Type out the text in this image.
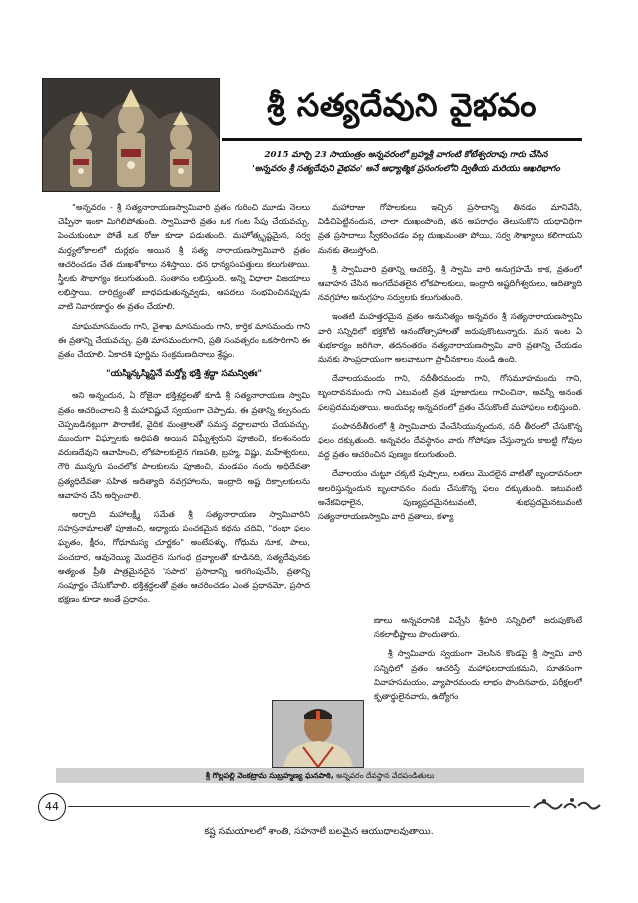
శ్రీ సత్యదేవుని వైభవం
2015 మార్చి 23 సాయంత్రం అన్నవరంలో బ్రహ్మశ్రీ వాగంటి కోటేశ్వరరావు గారు చేసిన
'అన్నవరం శ్రీ సత్యదేవుని వైభవం' అనే ఆధ్యాత్మిక ప్రసంగంలోని ద్వితీయ మరియు ఆఖరిభాగం

"అన్నవరం - శ్రీ సత్యనారాయణస్వామివారి వ్రతం గురించి మూడు నెలలు చెప్పినా ఇంకా మిగిలిపోతుంది. స్వామివారి వ్రతం ఒక గంట సేపు చేయవచ్చు. పెంచుకుంటూ పోతే ఒక రోజు కూడా పడుతుంది. మహోత్కృష్టమైన, సర్వ మర్త్యలోకాలలో దుర్లభం అయిన శ్రీ సత్య నారాయణస్వామివారి వ్రతం ఆచరించడం చేత దుఃఖశోకాలు నశిస్తాయి. ధన ధాన్యసంపత్తులు కలుగుతాయి. స్త్రీలకు సౌభాగ్యం కలుగుతుంది. సంతానం లభిస్తుంది. అన్ని విధాలా విజయాలు లభిస్తాయి. దారిద్ర్యంతో బాధపడుతున్నవ్వడు, ఆపదలు సంభవించినప్పుడు వాటి నివారణార్థం ఈ వ్రతం చేయాలి.

మాఘమాసమందు గాని, వైశాఖ మాసమందు గాని, కార్తిక మాసమందు గాని ఈ వ్రతాన్ని చేయవచ్చు. ప్రతి మాసమందుగాని, ప్రతి సంవత్సరం ఒకసారిగాని ఈ వ్రతం చేయాలి. ఏకాదశి పూర్ణిమ సంక్రమణదినాలు శ్రేష్ఠం.

"యస్మిన్కస్మిన్దినే మర్త్యో భక్తి శ్రద్ధా సమన్వితః"

అని అన్నందున, ఏ రోజైనా భక్తిశ్రద్ధలతో కూడి శ్రీ సత్యనారాయణ స్వామి వ్రతం ఆచరించాలని శ్రీ మహావిష్ణువే స్వయంగా చెప్పాడు. ఈ వ్రతాన్ని కల్పనందు చెప్పబడినట్లుగా పౌరాణిక, వైదిక మంత్రాలతో సమస్త వర్ణాలవారు చేయవచ్చు. ముందుగా విఘ్నాలకు అధిపతి అయిన విఘ్నేశ్వరుని పూజించి, కలశంనందు వరుణదేవుని ఆవాహించి, లోకపాలకులైన గణపతి, బ్రహ్మ, విష్ణు, మహేశ్వరులు, గౌరి మున్నగు పంచలోక పాలకులను పూజించి, మండపం నందు అధిదేవతా ప్రత్యధిదేవతా సహిత అదిత్యాది నవగ్రహాలను, ఇంద్రాది అష్ట దిక్పాలకులను ఆవాహన చేసి అర్చించాలి.

అర్చాది మహాలక్ష్మీ సమేత శ్రీ సత్యనారాయణ స్వామివారిని సహస్రనామాలతో పూజించి, అధ్యాయ పంచకమైన కథను చదివి, "రంభా ఫలం ఘృతం, క్షీరం, గోధూమస్య చూర్ణకం" అంటేపళ్ళు, గోధుమ నూక, పాలు, పంచదార, ఆవునెయ్యి మొదలైన సుగంధ ద్రవ్యాలతో కూడినది, సత్యదేవునకు అత్యంత ప్రీతి పాత్రమైనదైన 'సపాద' ప్రసాదాన్ని అరగింపుచేసి, వ్రతాన్ని సంపూర్ణం చేసుకోవాలి. భక్తిశ్రద్ధలతో వ్రతం ఆచరించడం ఎంత ప్రధానమో, ప్రసాద భక్షణం కూడా అంతే ప్రధానం.

మహారాజు గోపాలకులు ఇచ్చిన ప్రసాదాన్ని తినడం మానివేసి, విడిచిపెట్టినందున, చాలా దుఃఖంపొంది, తన అపరాధం తెలుసుకొని యధావిధిగా వ్రత ప్రసాదాలు స్వీకరించడం వల్ల దుఃఖమంతా పోయి, సర్వ సౌఖ్యాలు కలిగాయని మనకు తెలుస్తోంది.

శ్రీ స్వామివారి వ్రతాన్ని ఆచరిస్తే, శ్రీ స్వామి వారి అనుగ్రహమే కాక, వ్రతంలో ఆవాహన చేసిన అంగదేవతలైన లోకపాలకులు, ఇంద్రాది అష్టదిగీశ్వరులు, ఆదిత్యాది నవగ్రహాల అనుగ్రహం సర్వులకు కలుగుతుంది.

ఇంతటి మహత్తరమైన వ్రతం అనునిత్యం అన్నవరం శ్రీ సత్యనారాయణస్వామి వారి సన్నిధిలో భక్తకోటి ఆనందోత్సాహాలతో జరుపుకొంటున్నారు. మన ఇంట ఏ శుభకార్యం జరిగినా, తదనంతరం నత్యనారాయణస్వామి వారి వ్రతాన్ని చేయడం మనకు సాంప్రదాయంగా అలవాటుగా ప్రాచీనకాలం నుండి ఉంది.

దేవాలయమందు గాని, నదీతీరమందు గాని, గోసమూహమందు గాని, బృందావనమందు గాని ఎటువంటి వ్రత పూజాదులు గావించినా, అవన్నీ అనంత ఫలప్రదమవుతాయి. అందువల్ల అన్నవరంలో వ్రతం చేసుకొంటే మహాఫలం లభిస్తుంది.

పంపానదీతీరంలో శ్రీ స్వామివారు వేంచేసియున్నందున, నదీ తీరంలో చేసుకొన్న ఫలం దక్కుతుంది. అన్నవరం దేవస్థానం వారు గోపోషణ చేస్తున్నారు కాబట్టి గోవుల వద్ద వ్రతం ఆచరించిన పుణ్యం కలుగుతుంది.

దేవాలయం చుట్టూ చక్కటి పుష్పాలు, లతలు మొదలైన వాటితో బృందావనంలా అలరిస్తున్నందున బృందావనం నందు చేసుకొన్న ఫలం దక్కుతుంది. ఇటువంటి అనేకవిధాలైన, పుణ్యప్రదమైనటువంటి, శుభప్రదమైనటువంటి సత్యనారాయణస్వామి వారి వ్రతాలు, కళ్యా

ణాలు అన్నవరానికి విచ్చేసి శ్రీహరి సన్నిధిలో జరుపుకొంటే సకలాభీష్టాలు పొందుతారు.

శ్రీ స్వామివారు స్వయంగా వెలసిన కొండపై శ్రీ స్వామి వారి సన్నిధిలో వ్రతం ఆచరిస్తే మహాఫలదాయకమని, సూతసంగా వివాహసమయం, వ్యాపారమందు లాభం పొందినవారు, పరీక్షలలో కృతార్థులైనవారు, ఉద్యోగం

శ్రీ గొల్లపల్లి వెంకట్రామ సుబ్రహ్మణ్య ఘనపాఠి, అన్నవరం దేవస్థాన వేదపండితులు
44
కష్ట సమయాలలో శాంతి, సహనాలే బలమైన ఆయుధాలవుతాయి.
